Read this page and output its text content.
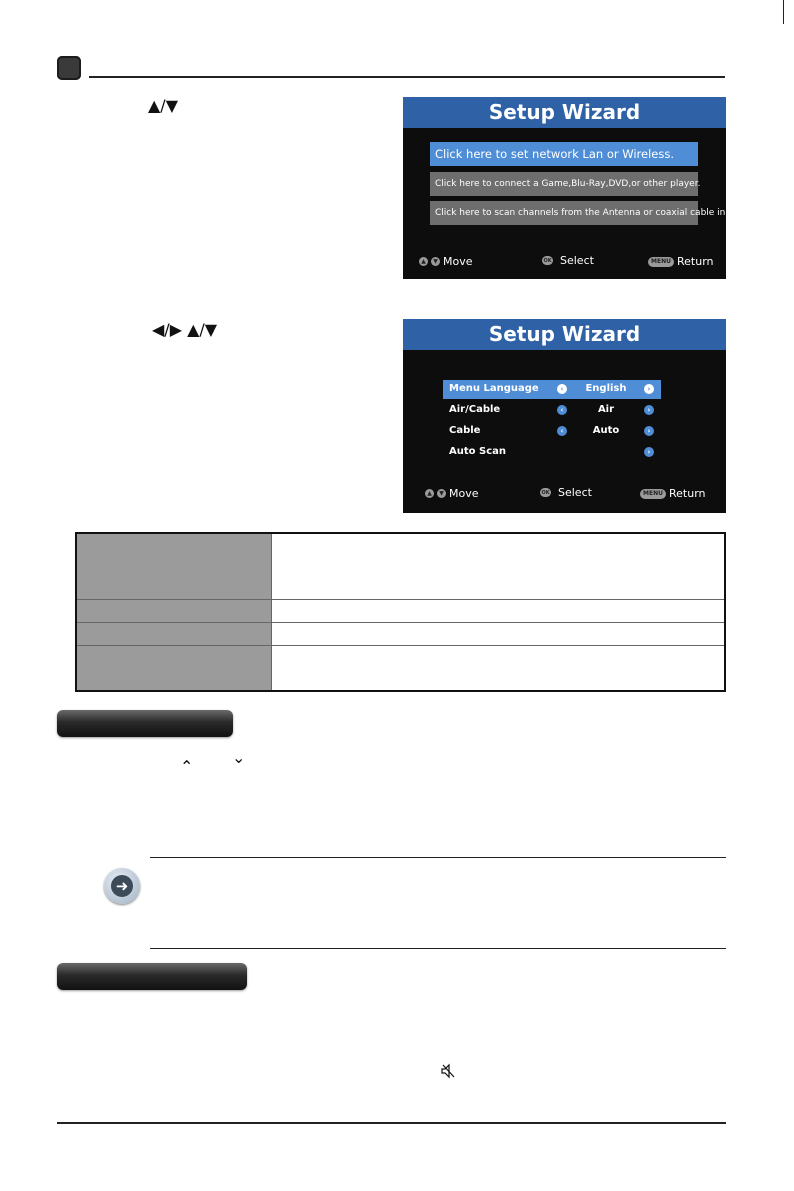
▲/▼	Setup Wizard
Click here to set network Lan or Wireless.
Click here to connect a Game,Blu-Ray,DVD,or other player.
Click here to scan channels from the Antenna or coaxial cable input .
▲	▼ Move	OK Select	MENU Return
◀/▶ ▲/▼	Setup Wizard
Menu Language	‹	English	›
Air/Cable	‹	Air	›
Cable	‹	Auto	›
Auto Scan	›
▲	▼ Move	OK Select	MENU Return
⌃ ⌄
➜
